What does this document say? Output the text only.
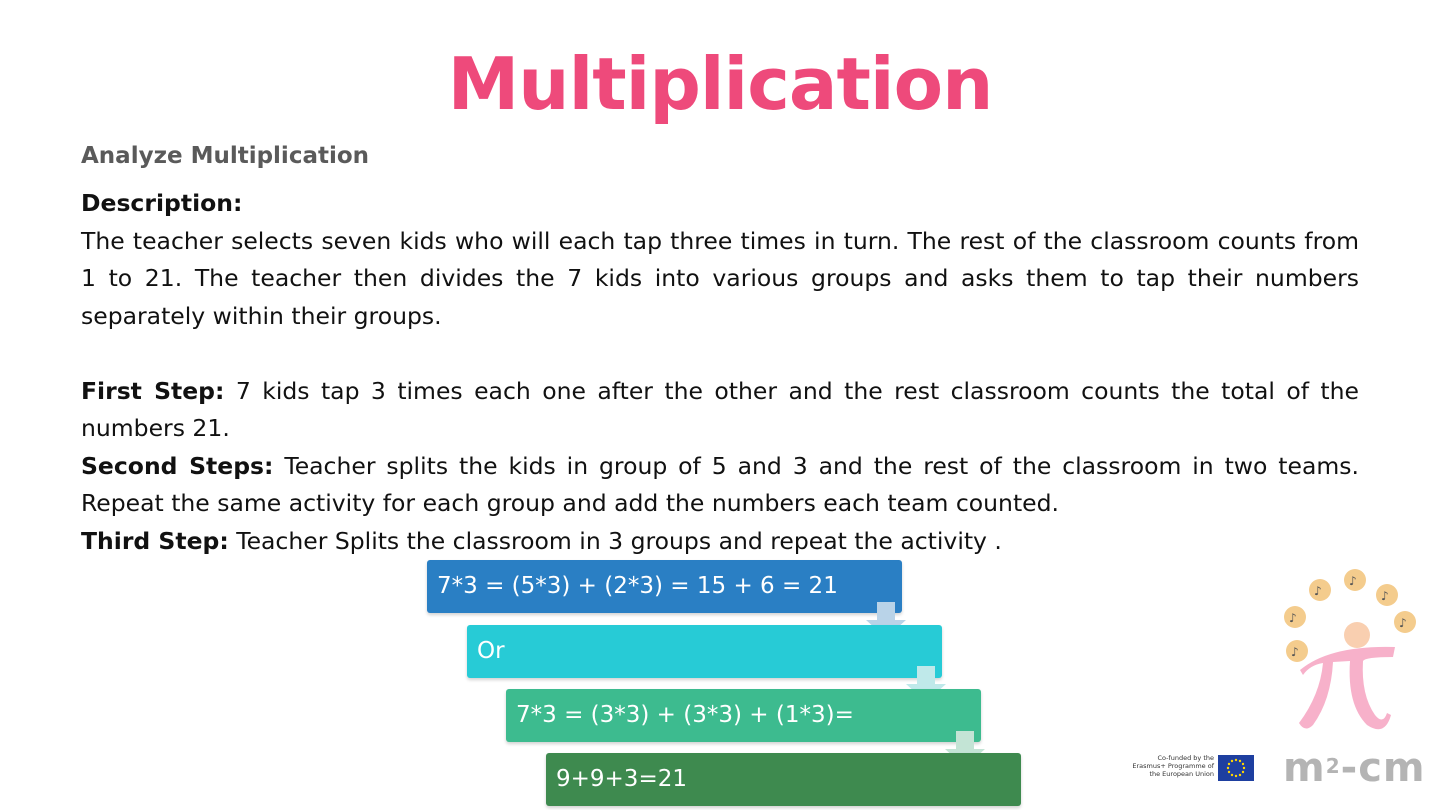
Multiplication
Analyze Multiplication

Description:

The teacher selects seven kids who will each tap three times in turn. The rest of the classroom counts from 1 to 21. The teacher then divides the 7 kids into various groups and asks them to tap their numbers separately within their groups.

First Step: 7 kids tap 3 times each one after the other and the rest classroom counts the total of the numbers 21.

Second Steps: Teacher splits the kids in group of 5 and 3 and the rest of the classroom in two teams. Repeat the same activity for each group and add the numbers each team counted.

Third Step: Teacher Splits the classroom in 3 groups and repeat the activity .

7*3 = (5*3) + (2*3) = 15 + 6 = 21
Or
7*3 = (3*3) + (3*3) + (1*3)=
9+9+3=21
♪
♪
♪
♪
♪
♪
Co-funded by the Erasmus+ Programme of the European Union $m^2-cm$
